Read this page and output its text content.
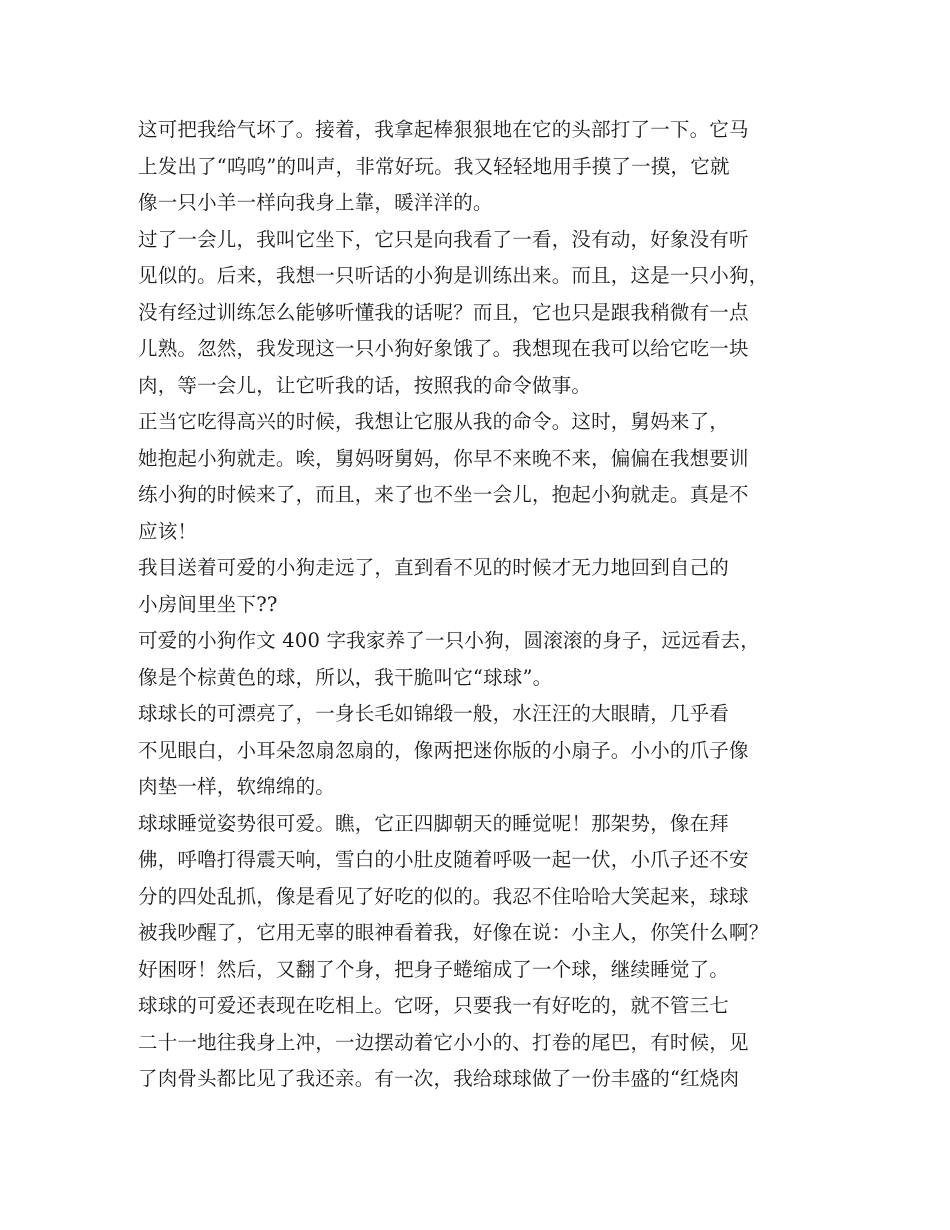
这可把我给气坏了。接着，我拿起棒狠狠地在它的头部打了一下。它马
上发出了“呜呜”的叫声，非常好玩。我又轻轻地用手摸了一摸，它就
像一只小羊一样向我身上靠，暖洋洋的。
过了一会儿，我叫它坐下，它只是向我看了一看，没有动，好象没有听
见似的。后来，我想一只听话的小狗是训练出来。而且，这是一只小狗，
没有经过训练怎么能够听懂我的话呢？而且，它也只是跟我稍微有一点
儿熟。忽然，我发现这一只小狗好象饿了。我想现在我可以给它吃一块
肉，等一会儿，让它听我的话，按照我的命令做事。
正当它吃得高兴的时候，我想让它服从我的命令。这时，舅妈来了，
她抱起小狗就走。唉，舅妈呀舅妈，你早不来晚不来，偏偏在我想要训
练小狗的时候来了，而且，来了也不坐一会儿，抱起小狗就走。真是不
应该！
我目送着可爱的小狗走远了，直到看不见的时候才无力地回到自己的
小房间里坐下??
可爱的小狗作文 400 字我家养了一只小狗，圆滚滚的身子，远远看去，
像是个棕黄色的球，所以，我干脆叫它“球球”。
球球长的可漂亮了，一身长毛如锦缎一般，水汪汪的大眼睛，几乎看
不见眼白，小耳朵忽扇忽扇的，像两把迷你版的小扇子。小小的爪子像
肉垫一样，软绵绵的。
球球睡觉姿势很可爱。瞧，它正四脚朝天的睡觉呢！那架势，像在拜
佛，呼噜打得震天响，雪白的小肚皮随着呼吸一起一伏，小爪子还不安
分的四处乱抓，像是看见了好吃的似的。我忍不住哈哈大笑起来，球球
被我吵醒了，它用无辜的眼神看着我，好像在说：小主人，你笑什么啊？
好困呀！然后，又翻了个身，把身子蜷缩成了一个球，继续睡觉了。
球球的可爱还表现在吃相上。它呀，只要我一有好吃的，就不管三七
二十一地往我身上冲，一边摆动着它小小的、打卷的尾巴，有时候，见
了肉骨头都比见了我还亲。有一次，我给球球做了一份丰盛的“红烧肉
